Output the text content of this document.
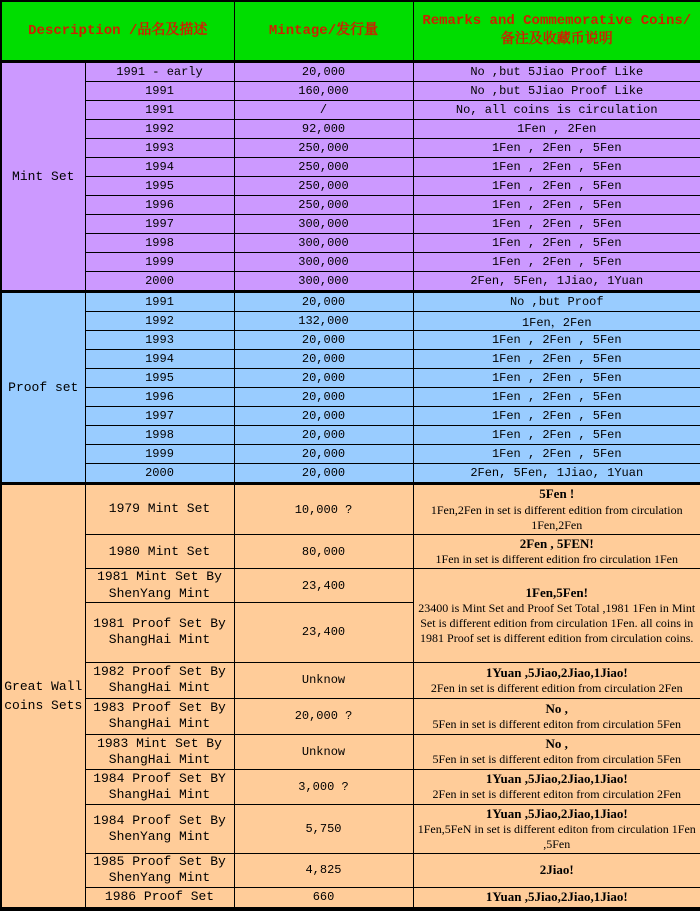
Description /品名及描述		Mintage/发行量	Remarks and Commemorative Coins/备注及收藏币说明
Mint Set	1991 - early	20,000	No ,but 5Jiao Proof Like
	1991	160,000	No ,but 5Jiao Proof Like
	1991	/	No, all coins is circulation
	1992	92,000	1Fen , 2Fen
	1993	250,000	1Fen , 2Fen , 5Fen
	1994	250,000	1Fen , 2Fen , 5Fen
	1995	250,000	1Fen , 2Fen , 5Fen
	1996	250,000	1Fen , 2Fen , 5Fen
	1997	300,000	1Fen , 2Fen , 5Fen
	1998	300,000	1Fen , 2Fen , 5Fen
	1999	300,000	1Fen , 2Fen , 5Fen
	2000	300,000	2Fen, 5Fen, 1Jiao, 1Yuan
Proof set	1991	20,000	No ,but Proof
	1992	132,000	1Fen，2Fen
	1993	20,000	1Fen , 2Fen , 5Fen
	1994	20,000	1Fen , 2Fen , 5Fen
	1995	20,000	1Fen , 2Fen , 5Fen
	1996	20,000	1Fen , 2Fen , 5Fen
	1997	20,000	1Fen , 2Fen , 5Fen
	1998	20,000	1Fen , 2Fen , 5Fen
	1999	20,000	1Fen , 2Fen , 5Fen
	2000	20,000	2Fen, 5Fen, 1Jiao, 1Yuan
Great Wall coins Sets	1979 Mint Set	10,000 ?	5Fen !
1Fen,2Fen in set is different edition from circulation 1Fen,2Fen

	1980 Mint Set	80,000	2Fen , 5FEN!
1Fen in set is different edition fro circulation 1Fen

	1981 Mint Set By ShenYang Mint	23,400	1Fen,5Fen!
23400 is Mint Set and Proof Set Total ,1981 1Fen in Mint Set is different edition from circulation 1Fen. all coins in 1981 Proof set is different edition from circulation coins.

	1981 Proof Set By ShangHai Mint	23,400	
	1982 Proof Set By ShangHai Mint	Unknow	1Yuan ,5Jiao,2Jiao,1Jiao!
2Fen in set is different edition from circulation 2Fen

	1983 Proof Set By ShangHai Mint	20,000 ?	No ,
5Fen in set is different editon from circulation 5Fen

	1983 Mint Set By ShangHai Mint	Unknow	No ,
5Fen in set is different editon from circulation 5Fen

	1984 Proof Set BY ShangHai Mint	3,000 ?	1Yuan ,5Jiao,2Jiao,1Jiao!
2Fen in set is different editon from circulation 2Fen

	1984 Proof Set By ShenYang Mint	5,750	1Yuan ,5Jiao,2Jiao,1Jiao!
1Fen,5FeN in set is different editon from circulation 1Fen ,5Fen

	1985 Proof Set By ShenYang Mint	4,825	2Jiao!

	1986 Proof Set	660	1Yuan ,5Jiao,2Jiao,1Jiao!
